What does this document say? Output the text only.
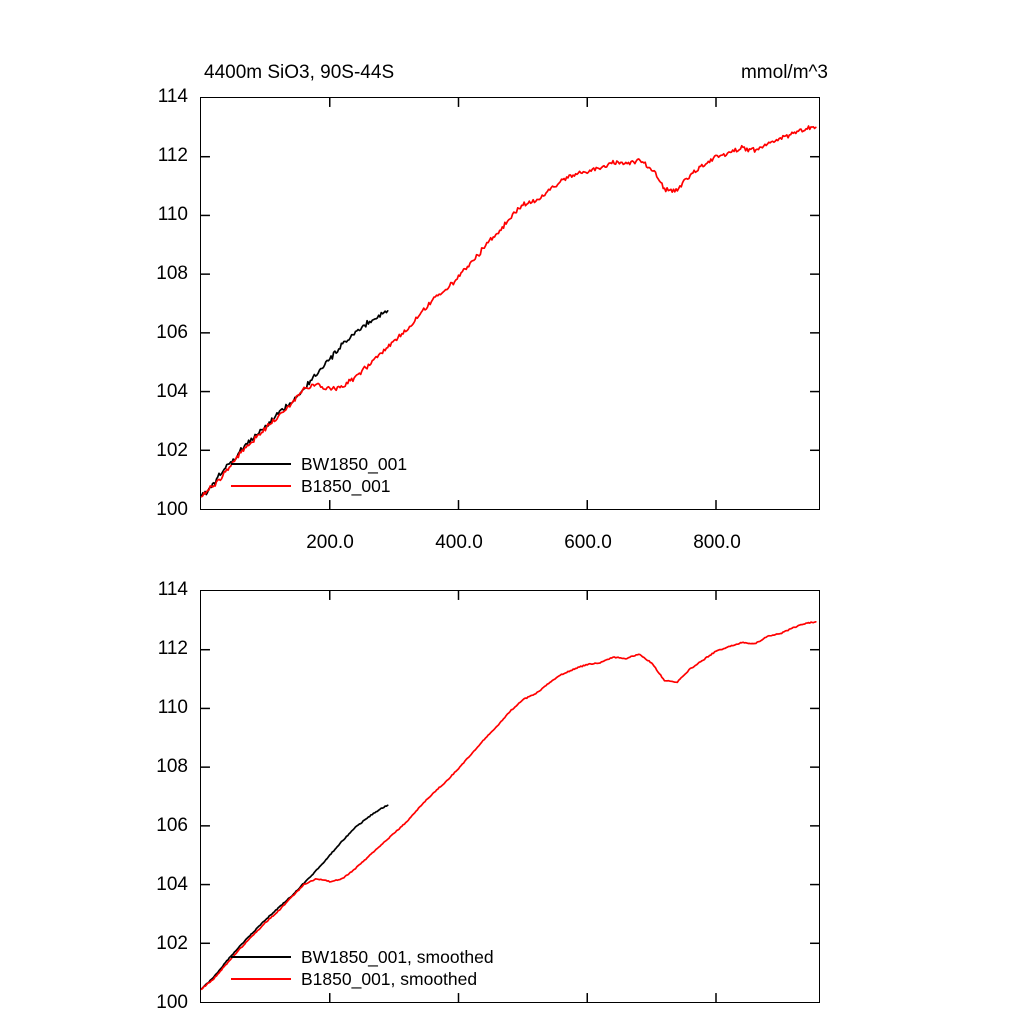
4400m SiO3, 90S-44S	mmol/m^3
100
102
104
106
108
110
112
114
200.0	400.0	600.0	800.0
BW1850_001
B1850_001
100
102
104
106
108
110
112
114
BW1850_001, smoothed
B1850_001, smoothed
